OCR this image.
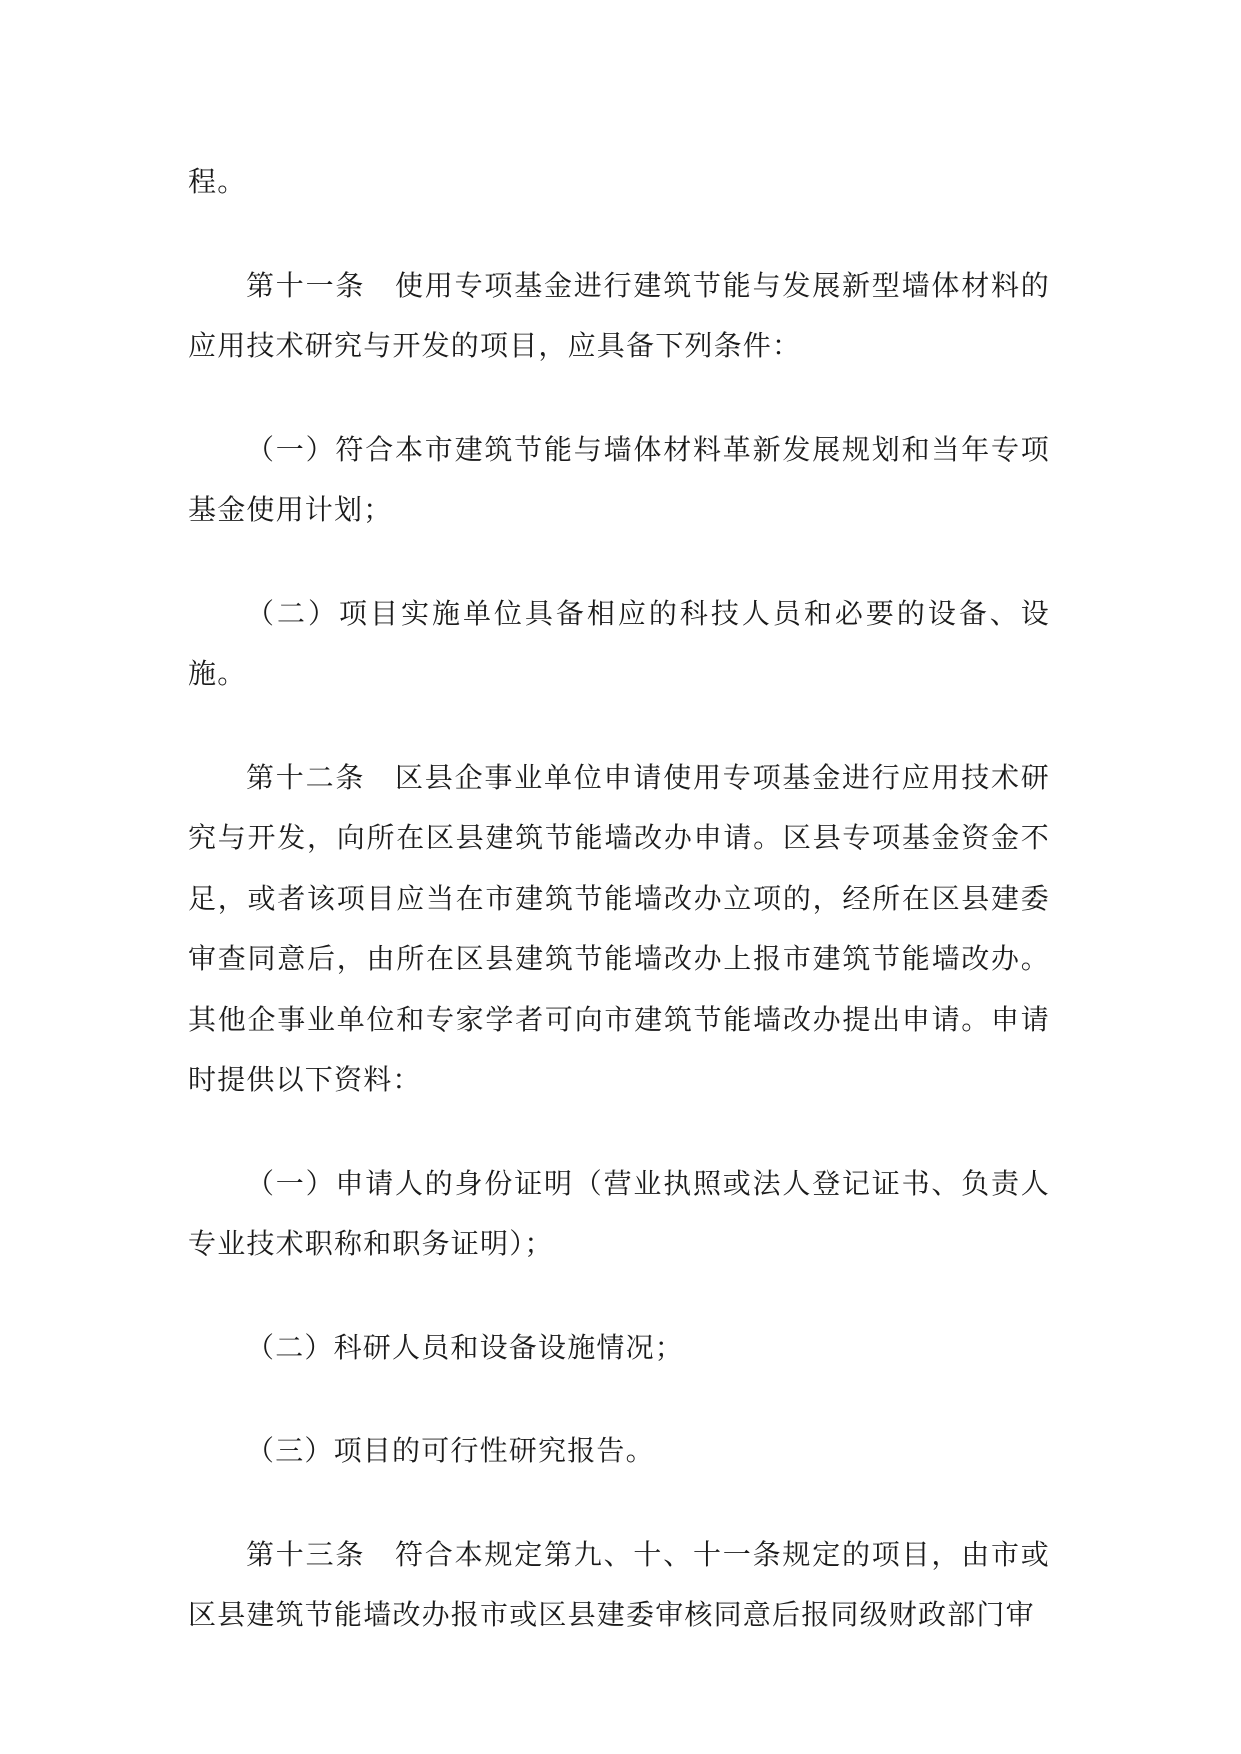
程。

第十一条　使用专项基金进行建筑节能与发展新型墙体材料的应用技术研究与开发的项目，应具备下列条件：

（一）符合本市建筑节能与墙体材料革新发展规划和当年专项基金使用计划；

（二）项目实施单位具备相应的科技人员和必要的设备、设施。

第十二条　区县企事业单位申请使用专项基金进行应用技术研究与开发，向所在区县建筑节能墙改办申请。区县专项基金资金不足，或者该项目应当在市建筑节能墙改办立项的，经所在区县建委审查同意后，由所在区县建筑节能墙改办上报市建筑节能墙改办。其他企事业单位和专家学者可向市建筑节能墙改办提出申请。申请时提供以下资料：

（一）申请人的身份证明（营业执照或法人登记证书、负责人专业技术职称和职务证明）；

（二）科研人员和设备设施情况；

（三）项目的可行性研究报告。

第十三条　符合本规定第九、十、十一条规定的项目，由市或区县建筑节能墙改办报市或区县建委审核同意后报同级财政部门审
